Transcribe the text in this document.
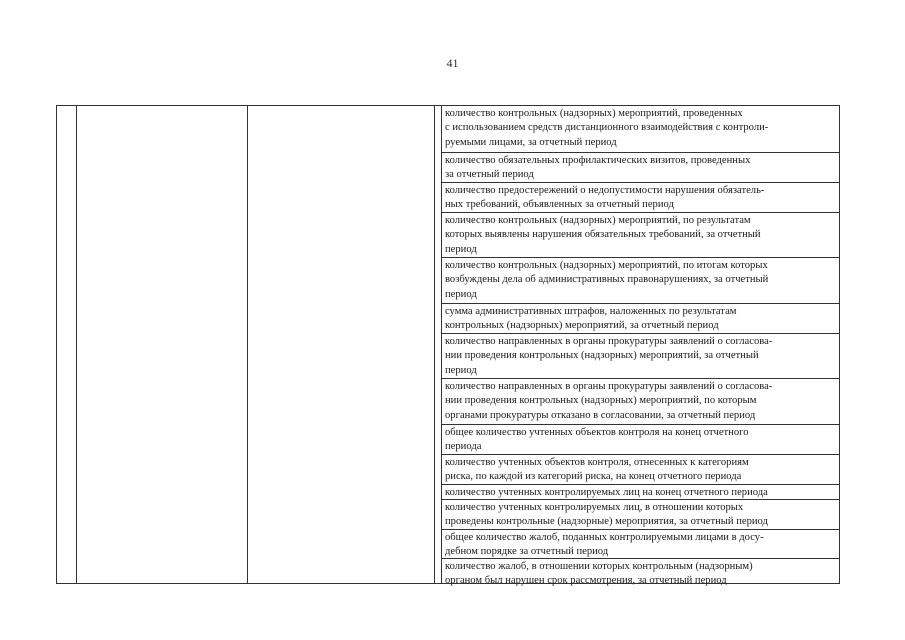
41
количество контрольных (надзорных) мероприятий, проведенных
с использованием средств дистанционного взаимодействия с контроли-
руемыми лицами, за отчетный период
количество обязательных профилактических визитов, проведенных
за отчетный период
количество предостережений о недопустимости нарушения обязатель-
ных требований, объявленных за отчетный период
количество контрольных (надзорных) мероприятий, по результатам
которых выявлены нарушения обязательных требований, за отчетный
период
количество контрольных (надзорных) мероприятий, по итогам которых
возбуждены дела об административных правонарушениях, за отчетный
период
сумма административных штрафов, наложенных по результатам
контрольных (надзорных) мероприятий, за отчетный период
количество направленных в органы прокуратуры заявлений о согласова-
нии проведения контрольных (надзорных) мероприятий, за отчетный
период
количество направленных в органы прокуратуры заявлений о согласова-
нии проведения контрольных (надзорных) мероприятий, по которым
органами прокуратуры отказано в согласовании, за отчетный период
общее количество учтенных объектов контроля на конец отчетного
периода
количество учтенных объектов контроля, отнесенных к категориям
риска, по каждой из категорий риска, на конец отчетного периода
количество учтенных контролируемых лиц на конец отчетного периода
количество учтенных контролируемых лиц, в отношении которых
проведены контрольные (надзорные) мероприятия, за отчетный период
общее количество жалоб, поданных контролируемыми лицами в досу-
дебном порядке за отчетный период
количество жалоб, в отношении которых контрольным (надзорным)
органом был нарушен срок рассмотрения, за отчетный период
